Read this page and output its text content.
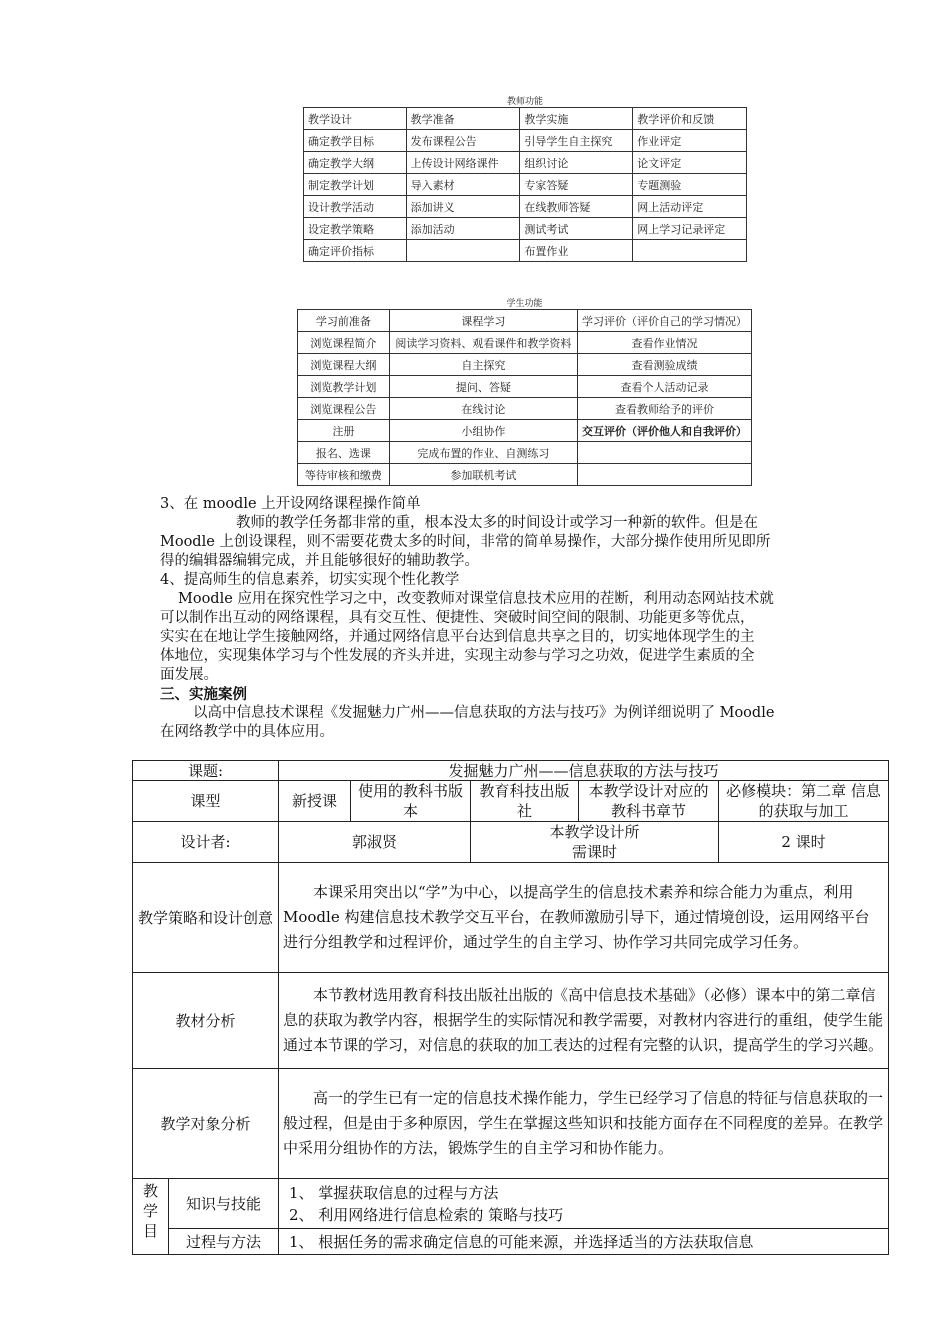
教师功能
教学设计	教学准备	教学实施	教学评价和反馈
确定教学目标	发布课程公告	引导学生自主探究	作业评定
确定教学大纲	上传设计网络课件	组织讨论	论文评定
制定教学计划	导入素材	专家答疑	专题测验
设计教学活动	添加讲义	在线教师答疑	网上活动评定
设定教学策略	添加活动	测试考试	网上学习记录评定
确定评价指标		布置作业	
学生功能
学习前准备	课程学习	学习评价（评价自己的学习情况）
浏览课程简介	阅读学习资料、观看课件和教学资料	查看作业情况
浏览课程大纲	自主探究	查看测验成绩
浏览教学计划	提问、答疑	查看个人活动记录
浏览课程公告	在线讨论	查看教师给予的评价
注册	小组协作	交互评价（评价他人和自我评价）
报名、选课	完成布置的作业、自测练习	
等待审核和缴费	参加联机考试	
3、在 moodle 上开设网络课程操作简单
教师的教学任务都非常的重，根本没太多的时间设计或学习一种新的软件。但是在
Moodle 上创设课程，则不需要花费太多的时间，非常的简单易操作，大部分操作使用所见即所
得的编辑器编辑完成，并且能够很好的辅助教学。
4、提高师生的信息素养，切实实现个性化教学
Moodle 应用在探究性学习之中，改变教师对课堂信息技术应用的茬断，利用动态网站技术就
可以制作出互动的网络课程，具有交互性、便捷性、突破时间空间的限制、功能更多等优点，
实实在在地让学生接触网络，并通过网络信息平台达到信息共享之目的，切实地体现学生的主
体地位，实现集体学习与个性发展的齐头并进，实现主动参与学习之功效，促进学生素质的全
面发展。
三、实施案例
以高中信息技术课程《发掘魅力广州——信息获取的方法与技巧》为例详细说明了 Moodle
在网络教学中的具体应用。
课题:		发掘魅力广州——信息获取的方法与技巧				
课型		新授课	使用的教科书版本	教育科技出版社	本教学设计对应的教科书章节	必修模块：第二章 信息的获取与加工
设计者:		郭淑贤		本教学设计所需课时		2 课时
教学策略和设计创意		本课采用突出以“学”为中心，以提高学生的信息技术素养和综合能力为重点，利用 Moodle 构建信息技术教学交互平台，在教师激励引导下，通过情境创设，运用网络平台进行分组教学和过程评价，通过学生的自主学习、协作学习共同完成学习任务。				
教材分析		本节教材选用教育科技出版社出版的《高中信息技术基础》（必修）课本中的第二章信息的获取为教学内容，根据学生的实际情况和教学需要，对教材内容进行的重组，使学生能通过本节课的学习，对信息的获取的加工表达的过程有完整的认识，提高学生的学习兴趣。				
教学对象分析		高一的学生已有一定的信息技术操作能力，学生已经学习了信息的特征与信息获取的一般过程，但是由于多种原因，学生在掌握这些知识和技能方面存在不同程度的差异。在教学中采用分组协作的方法，锻炼学生的自主学习和协作能力。				

教学目	知识与技能	1、 掌握获取信息的过程与方法
2、 利用网络进行信息检索的 策略与技巧				

	过程与方法	1、 根据任务的需求确定信息的可能来源，并选择适当的方法获取信息				
